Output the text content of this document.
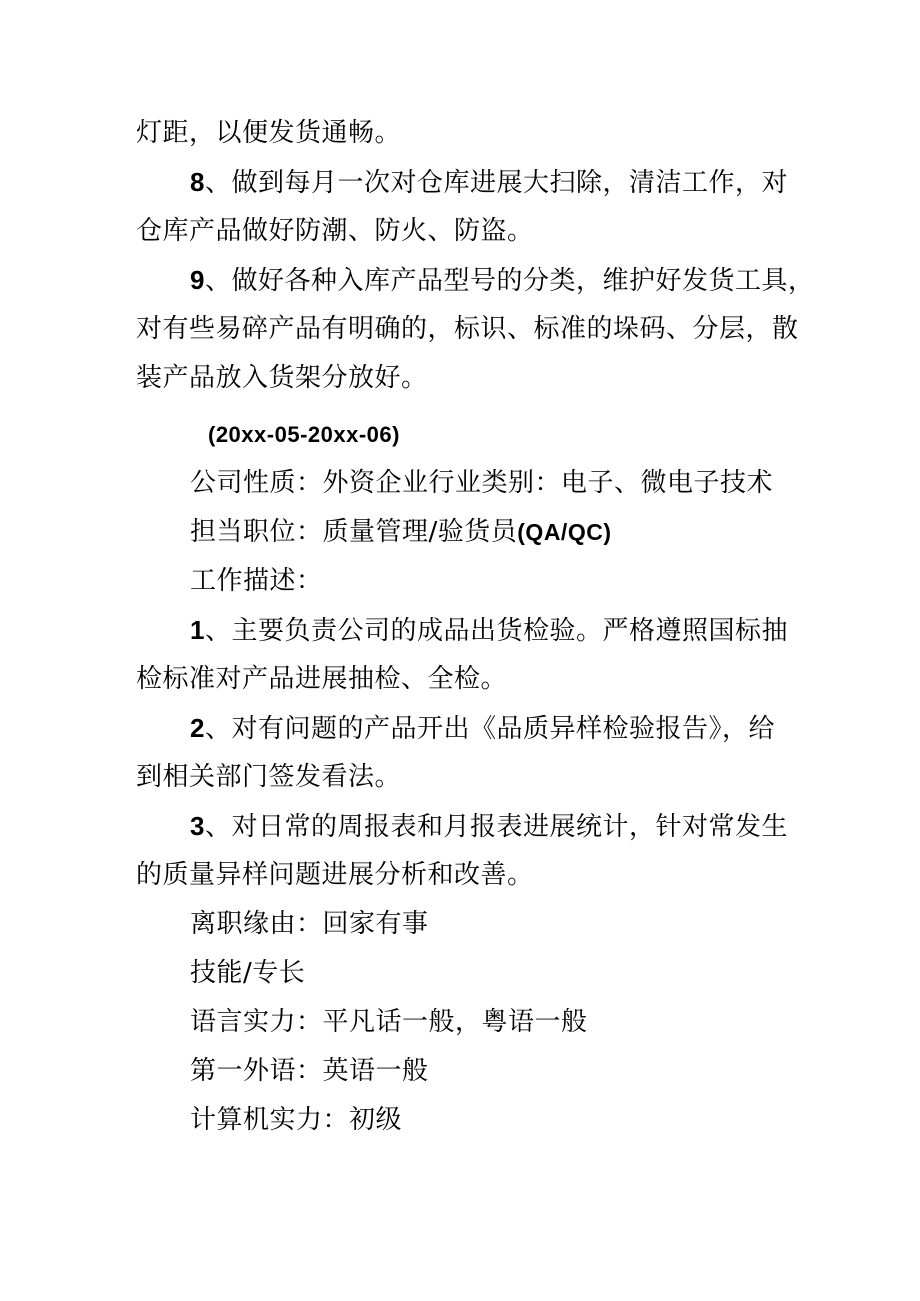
灯距，以便发货通畅。
8、做到每月一次对仓库进展大扫除，清洁工作，对
仓库产品做好防潮、防火、防盗。
9、做好各种入库产品型号的分类，维护好发货工具，
对有些易碎产品有明确的，标识、标准的垛码、分层，散
装产品放入货架分放好。
(20xx-05-20xx-06)
公司性质：外资企业行业类别：电子、微电子技术
担当职位：质量管理/验货员(QA/QC)
工作描述：
1、主要负责公司的成品出货检验。严格遵照国标抽
检标准对产品进展抽检、全检。
2、对有问题的产品开出《品质异样检验报告》，给
到相关部门签发看法。
3、对日常的周报表和月报表进展统计，针对常发生
的质量异样问题进展分析和改善。
离职缘由：回家有事
技能/专长
语言实力：平凡话一般，粤语一般
第一外语：英语一般
计算机实力：初级
